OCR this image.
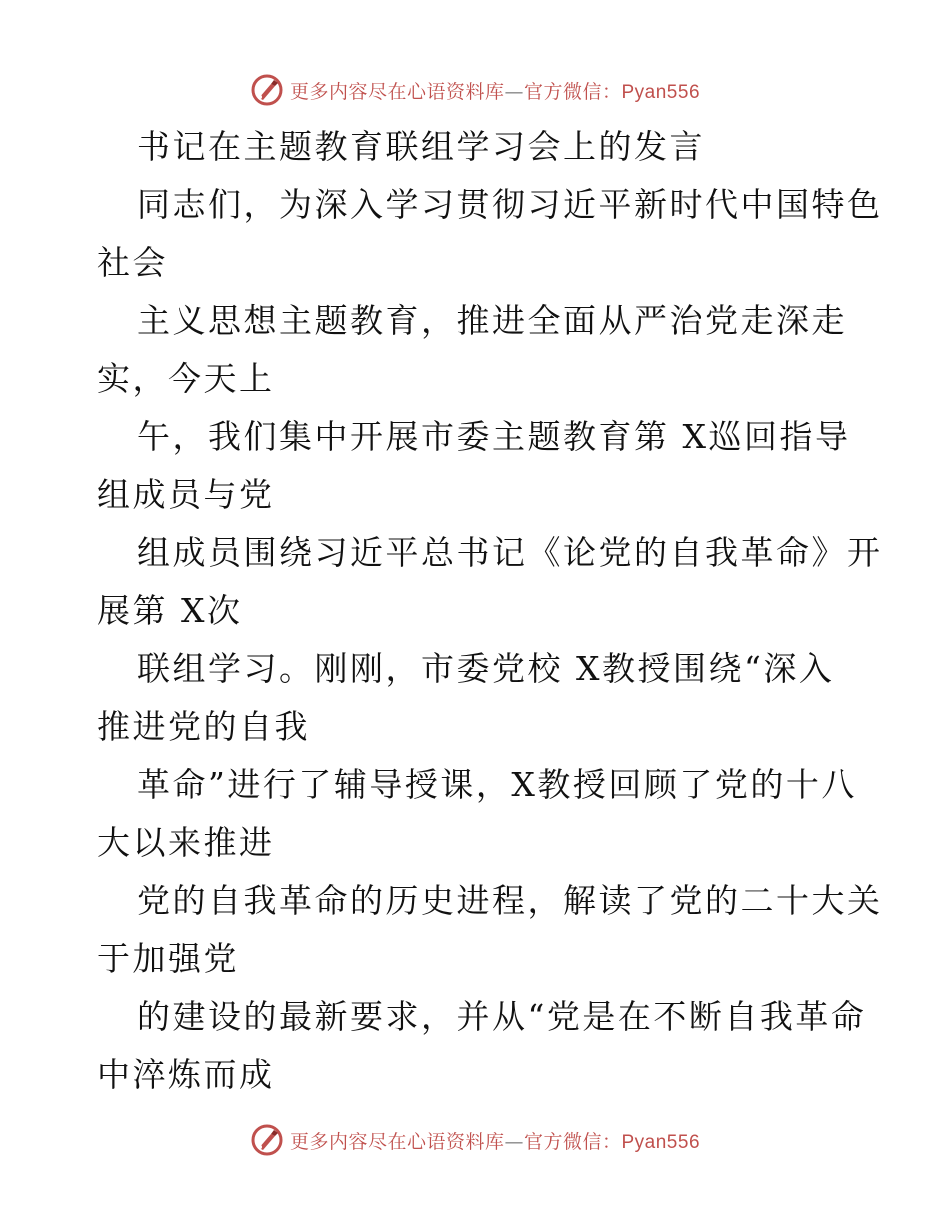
更多内容尽在心语资料库—官方微信：Pyan556
书记在主题教育联组学习会上的发言
同志们，为深入学习贯彻习近平新时代中国特色
社会
主义思想主题教育，推进全面从严治党走深走
实，今天上
午，我们集中开展市委主题教育第 X巡回指导
组成员与党
组成员围绕习近平总书记《论党的自我革命》开
展第 X次
联组学习。刚刚，市委党校 X教授围绕“深入
推进党的自我
革命”进行了辅导授课，X教授回顾了党的十八
大以来推进
党的自我革命的历史进程，解读了党的二十大关
于加强党
的建设的最新要求，并从“党是在不断自我革命
中淬炼而成
更多内容尽在心语资料库—官方微信：Pyan556
